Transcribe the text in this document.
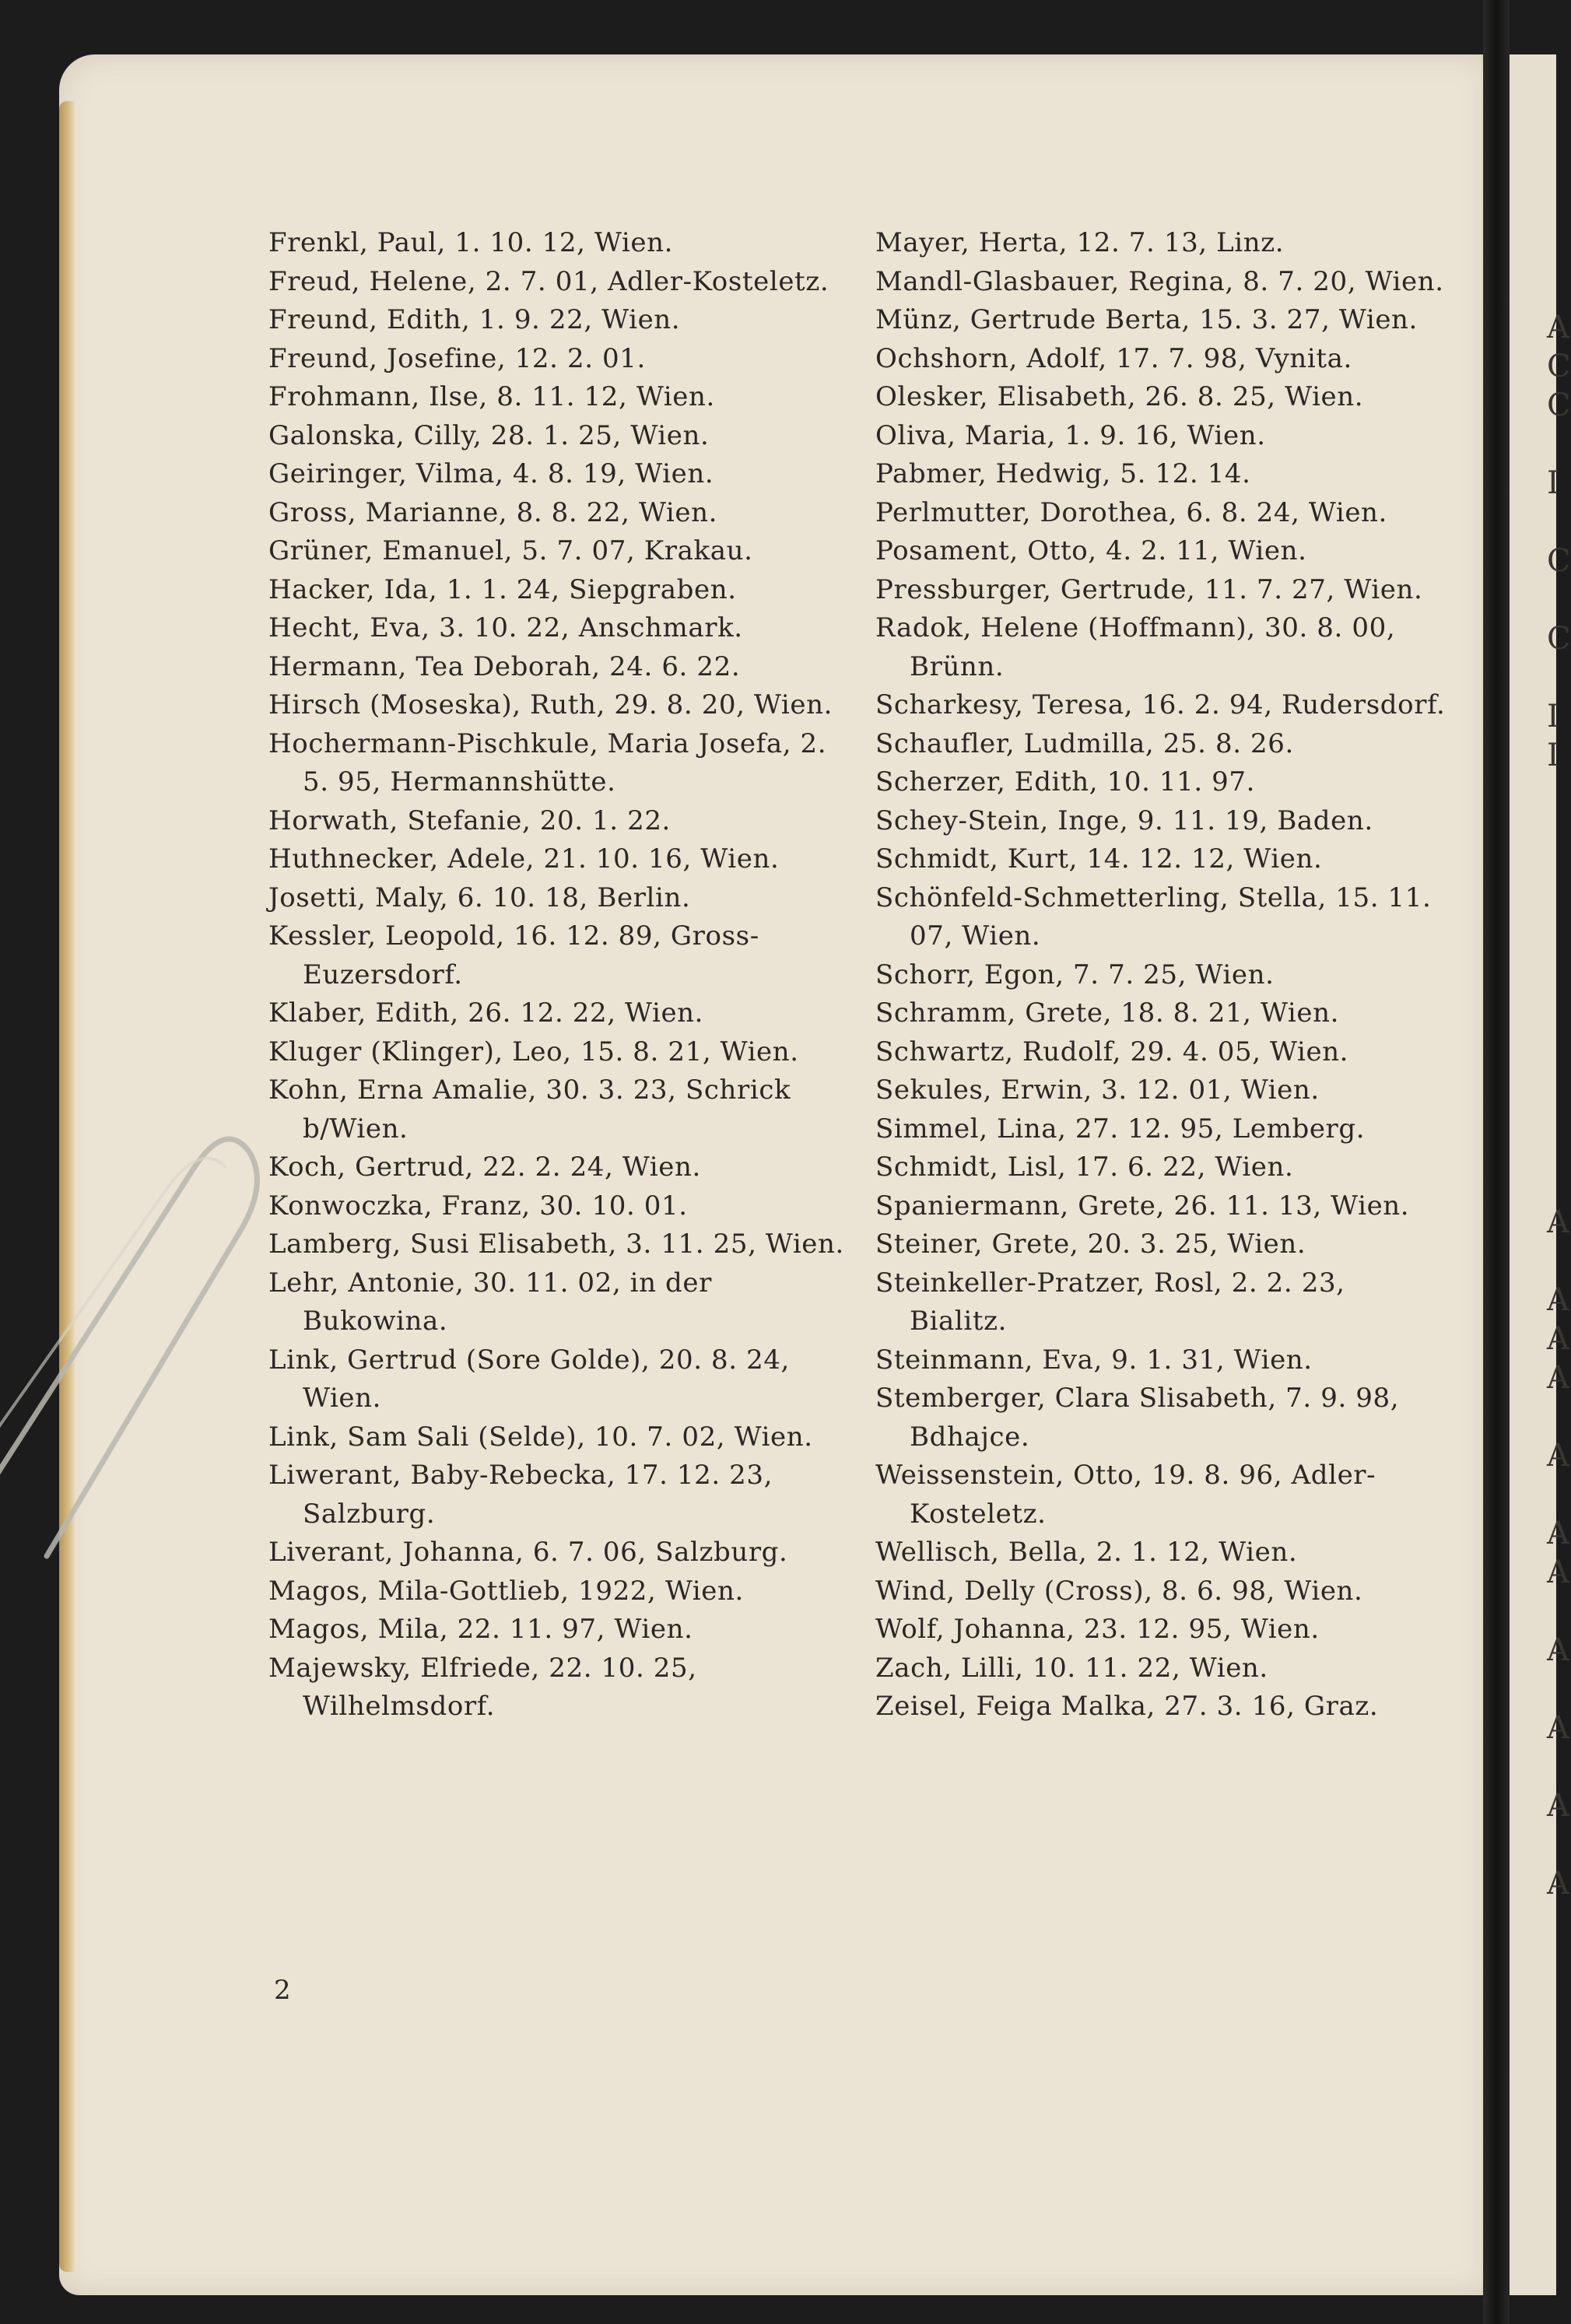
Frenkl, Paul, 1. 10. 12, Wien.
Freud, Helene, 2. 7. 01, Adler-Kosteletz.
Freund, Edith, 1. 9. 22, Wien.
Freund, Josefine, 12. 2. 01.
Frohmann, Ilse, 8. 11. 12, Wien.
Galonska, Cilly, 28. 1. 25, Wien.
Geiringer, Vilma, 4. 8. 19, Wien.
Gross, Marianne, 8. 8. 22, Wien.
Grüner, Emanuel, 5. 7. 07, Krakau.
Hacker, Ida, 1. 1. 24, Siepgraben.
Hecht, Eva, 3. 10. 22, Anschmark.
Hermann, Tea Deborah, 24. 6. 22.
Hirsch (Moseska), Ruth, 29. 8. 20, Wien.
Hochermann-Pischkule, Maria Josefa, 2. 5. 95, Hermannshütte.
Horwath, Stefanie, 20. 1. 22.
Huthnecker, Adele, 21. 10. 16, Wien.
Josetti, Maly, 6. 10. 18, Berlin.
Kessler, Leopold, 16. 12. 89, Gross-Euzersdorf.
Klaber, Edith, 26. 12. 22, Wien.
Kluger (Klinger), Leo, 15. 8. 21, Wien.
Kohn, Erna Amalie, 30. 3. 23, Schrick b/Wien.
Koch, Gertrud, 22. 2. 24, Wien.
Konwoczka, Franz, 30. 10. 01.
Lamberg, Susi Elisabeth, 3. 11. 25, Wien.
Lehr, Antonie, 30. 11. 02, in der Bukowina.
Link, Gertrud (Sore Golde), 20. 8. 24, Wien.
Link, Sam Sali (Selde), 10. 7. 02, Wien.
Liwerant, Baby-Rebecka, 17. 12. 23, Salzburg.
Liverant, Johanna, 6. 7. 06, Salzburg.
Magos, Mila-Gottlieb, 1922, Wien.
Magos, Mila, 22. 11. 97, Wien.
Majewsky, Elfriede, 22. 10. 25, Wilhelmsdorf.
Mayer, Herta, 12. 7. 13, Linz.
Mandl-Glasbauer, Regina, 8. 7. 20, Wien.
Münz, Gertrude Berta, 15. 3. 27, Wien.
Ochshorn, Adolf, 17. 7. 98, Vynita.
Olesker, Elisabeth, 26. 8. 25, Wien.
Oliva, Maria, 1. 9. 16, Wien.
Pabmer, Hedwig, 5. 12. 14.
Perlmutter, Dorothea, 6. 8. 24, Wien.
Posament, Otto, 4. 2. 11, Wien.
Pressburger, Gertrude, 11. 7. 27, Wien.
Radok, Helene (Hoffmann), 30. 8. 00, Brünn.
Scharkesy, Teresa, 16. 2. 94, Rudersdorf.
Schaufler, Ludmilla, 25. 8. 26.
Scherzer, Edith, 10. 11. 97.
Schey-Stein, Inge, 9. 11. 19, Baden.
Schmidt, Kurt, 14. 12. 12, Wien.
Schönfeld-Schmetterling, Stella, 15. 11. 07, Wien.
Schorr, Egon, 7. 7. 25, Wien.
Schramm, Grete, 18. 8. 21, Wien.
Schwartz, Rudolf, 29. 4. 05, Wien.
Sekules, Erwin, 3. 12. 01, Wien.
Simmel, Lina, 27. 12. 95, Lemberg.
Schmidt, Lisl, 17. 6. 22, Wien.
Spaniermann, Grete, 26. 11. 13, Wien.
Steiner, Grete, 20. 3. 25, Wien.
Steinkeller-Pratzer, Rosl, 2. 2. 23, Bialitz.
Steinmann, Eva, 9. 1. 31, Wien.
Stemberger, Clara Slisabeth, 7. 9. 98, Bdhajce.
Weissenstein, Otto, 19. 8. 96, Adler-Kosteletz.
Wellisch, Bella, 2. 1. 12, Wien.
Wind, Delly (Cross), 8. 6. 98, Wien.
Wolf, Johanna, 23. 12. 95, Wien.
Zach, Lilli, 10. 11. 22, Wien.
Zeisel, Feiga Malka, 27. 3. 16, Graz.
2
A
C
C
I
C
C
I
I
A
A
A
A
A
A
A
A
A
A
A
